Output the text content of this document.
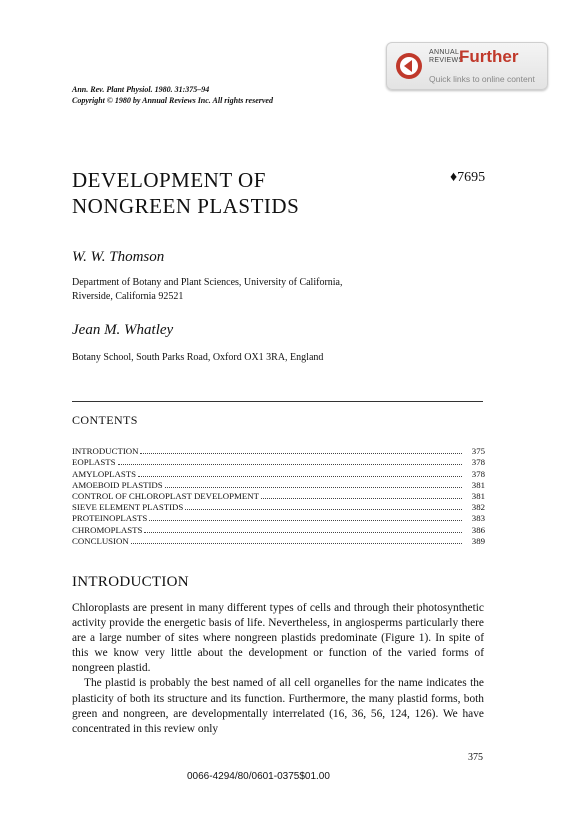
ANNUAL
REVIEWS
Further
Quick links to online content
Ann. Rev. Plant Physiol. 1980. 31:375–94
Copyright © 1980 by Annual Reviews Inc. All rights reserved
DEVELOPMENT OF
NONGREEN PLASTIDS
♦7695
W. W. Thomson
Department of Botany and Plant Sciences, University of California,
Riverside, California 92521
Jean M. Whatley
Botany School, South Parks Road, Oxford OX1 3RA, England
CONTENTS
INTRODUCTION	375
EOPLASTS	378
AMYLOPLASTS	378
AMOEBOID PLASTIDS	381
CONTROL OF CHLOROPLAST DEVELOPMENT	381
SIEVE ELEMENT PLASTIDS	382
PROTEINOPLASTS	383
CHROMOPLASTS	386
CONCLUSION	389
INTRODUCTION

Chloroplasts are present in many different types of cells and through their photosynthetic activity provide the energetic basis of life. Nevertheless, in angiosperms particularly there are a large number of sites where nongreen plastids predominate (Figure 1). In spite of this we know very little about the development or function of the varied forms of nongreen plastid.

The plastid is probably the best named of all cell organelles for the name indicates the plasticity of both its structure and its function. Furthermore, the many plastid forms, both green and nongreen, are developmentally interrelated (16, 36, 56, 124, 126). We have concentrated in this review only

375
0066-4294/80/0601-0375$01.00
